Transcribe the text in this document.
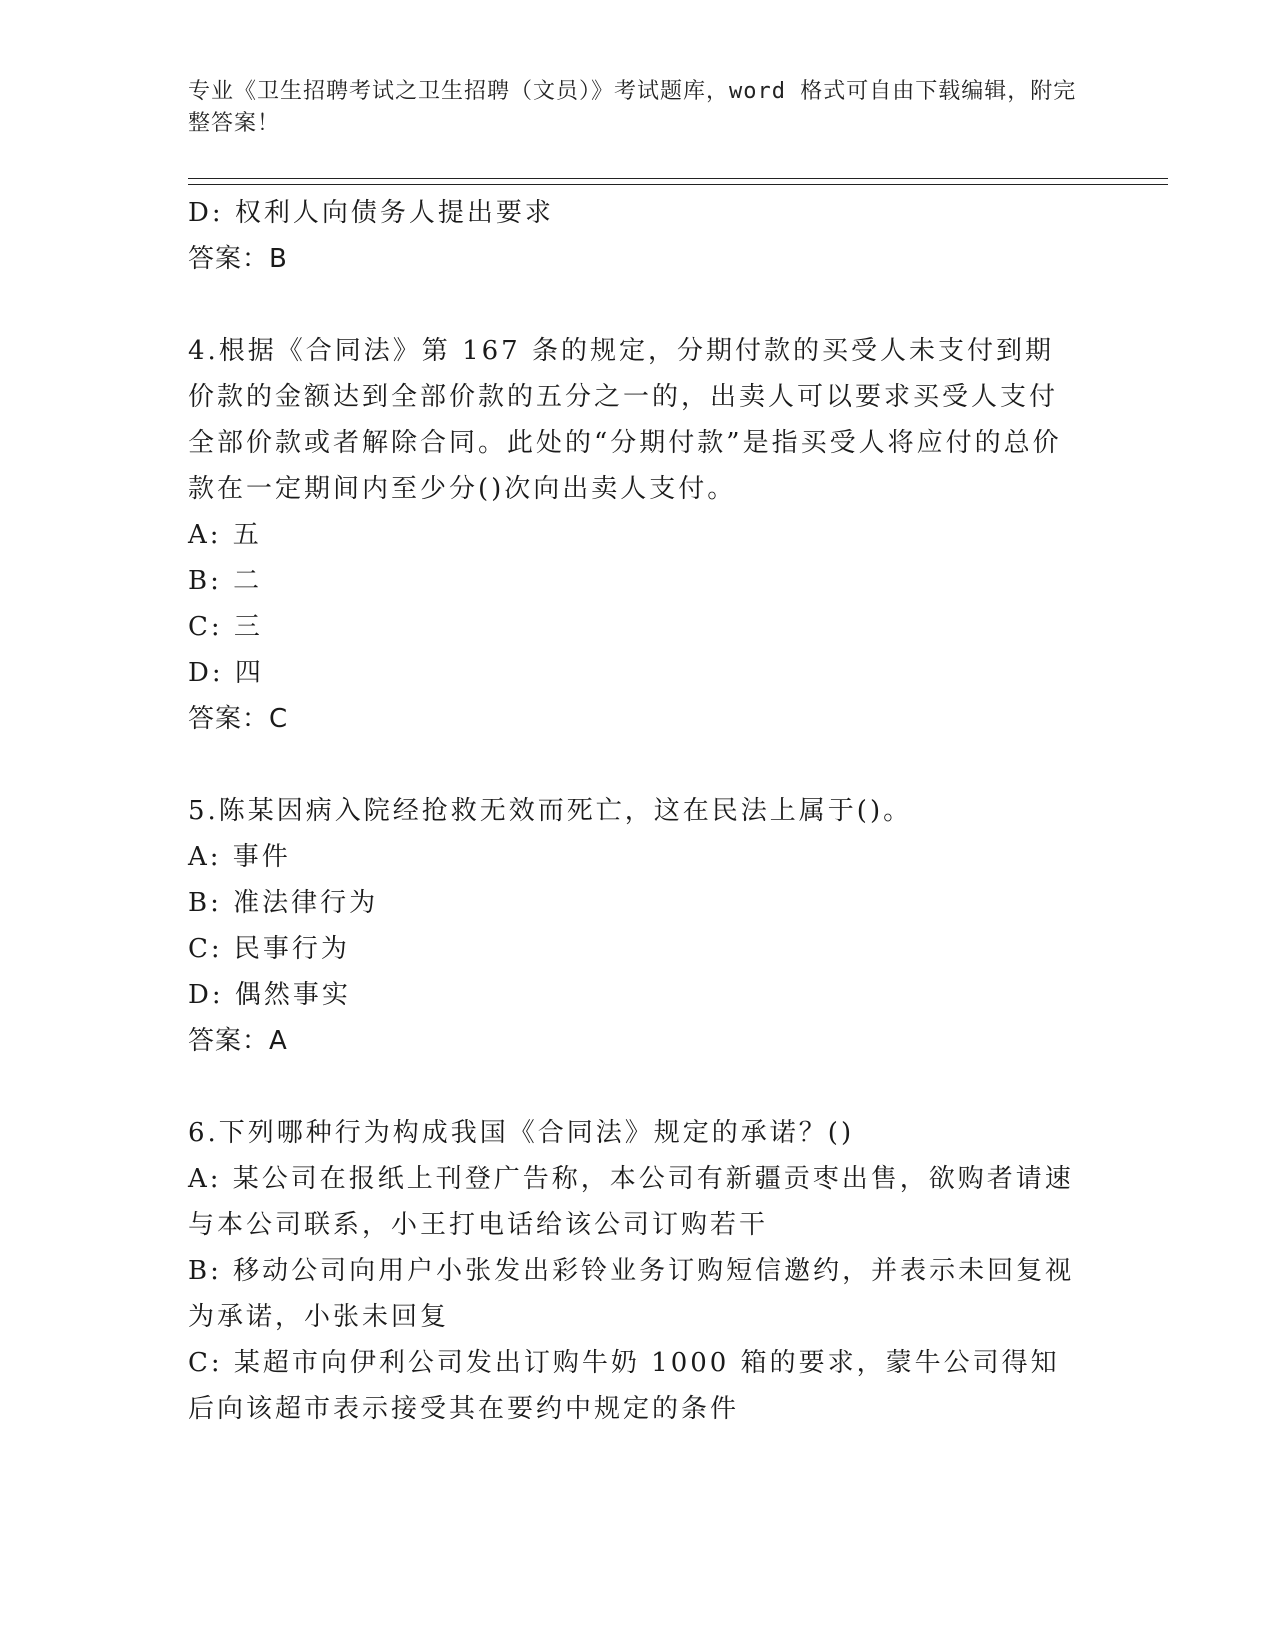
专业《卫生招聘考试之卫生招聘（文员）》考试题库，word 格式可自由下载编辑，附完整答案！

D: 权利人向债务人提出要求

答案：B

4.根据《合同法》第 167 条的规定，分期付款的买受人未支付到期价款的金额达到全部价款的五分之一的，出卖人可以要求买受人支付全部价款或者解除合同。此处的“分期付款”是指买受人将应付的总价款在一定期间内至少分()次向出卖人支付。

A: 五

B: 二

C: 三

D: 四

答案：C

5.陈某因病入院经抢救无效而死亡，这在民法上属于()。

A: 事件

B: 准法律行为

C: 民事行为

D: 偶然事实

答案：A

6.下列哪种行为构成我国《合同法》规定的承诺？()

A: 某公司在报纸上刊登广告称，本公司有新疆贡枣出售，欲购者请速与本公司联系，小王打电话给该公司订购若干

B: 移动公司向用户小张发出彩铃业务订购短信邀约，并表示未回复视为承诺，小张未回复

C: 某超市向伊利公司发出订购牛奶 1000 箱的要求，蒙牛公司得知后向该超市表示接受其在要约中规定的条件
